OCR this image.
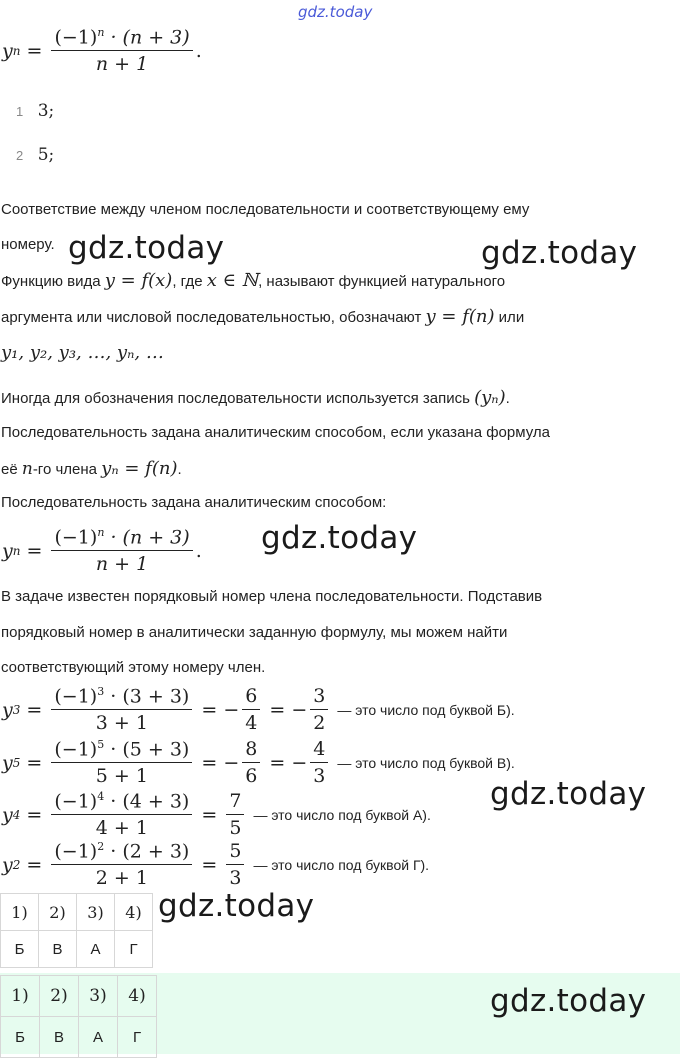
gdz.today
y $n = \frac{(-1)^n \cdot (n + 3)}{n + 1}$ .
1 3;
2 5;
Соответствие между членом последовательности и соответствующему ему
номеру. gdz.today	gdz.today
Функцию вида y = f(x), где x ∈ ℕ, называют функцией натурального
аргумента или числовой последовательностью, обозначают y = f(n) или
y₁, y₂, y₃, …, yₙ, …
Иногда для обозначения последовательности используется запись (yₙ).
Последовательность задана аналитическим способом, если указана формула
её n-го члена yₙ = f(n).
Последовательность задана аналитическим способом:
y $n = \frac{(-1)^n \cdot (n + 3)}{n + 1}$ . gdz.today
В задаче известен порядковый номер члена последовательности. Подставив
порядковый номер в аналитически заданную формулу, мы можем найти
соответствующий этому номеру член.
y $3 = \frac{(-1)^3 \cdot (3 + 3)}{3 + 1}$ = − $\frac{6}{4}$ = − $\frac{3}{2}$ — это число под буквой Б).
y $5 = \frac{(-1)^5 \cdot (5 + 3)}{5 + 1}$ = − $\frac{8}{6}$ = − $\frac{4}{3}$ — это число под буквой В).
gdz.today
y $4 = \frac{(-1)^4 \cdot (4 + 3)}{4 + 1} = \frac{7}{5}$ — это число под буквой А).
y $2 = \frac{(-1)^2 \cdot (2 + 3)}{2 + 1} = \frac{5}{3}$ — это число под буквой Г).
1)	2)	3)	4)
Б	В	А	Г
gdz.today
1)	2)	3)	4)
Б	В	А	Г
gdz.today
